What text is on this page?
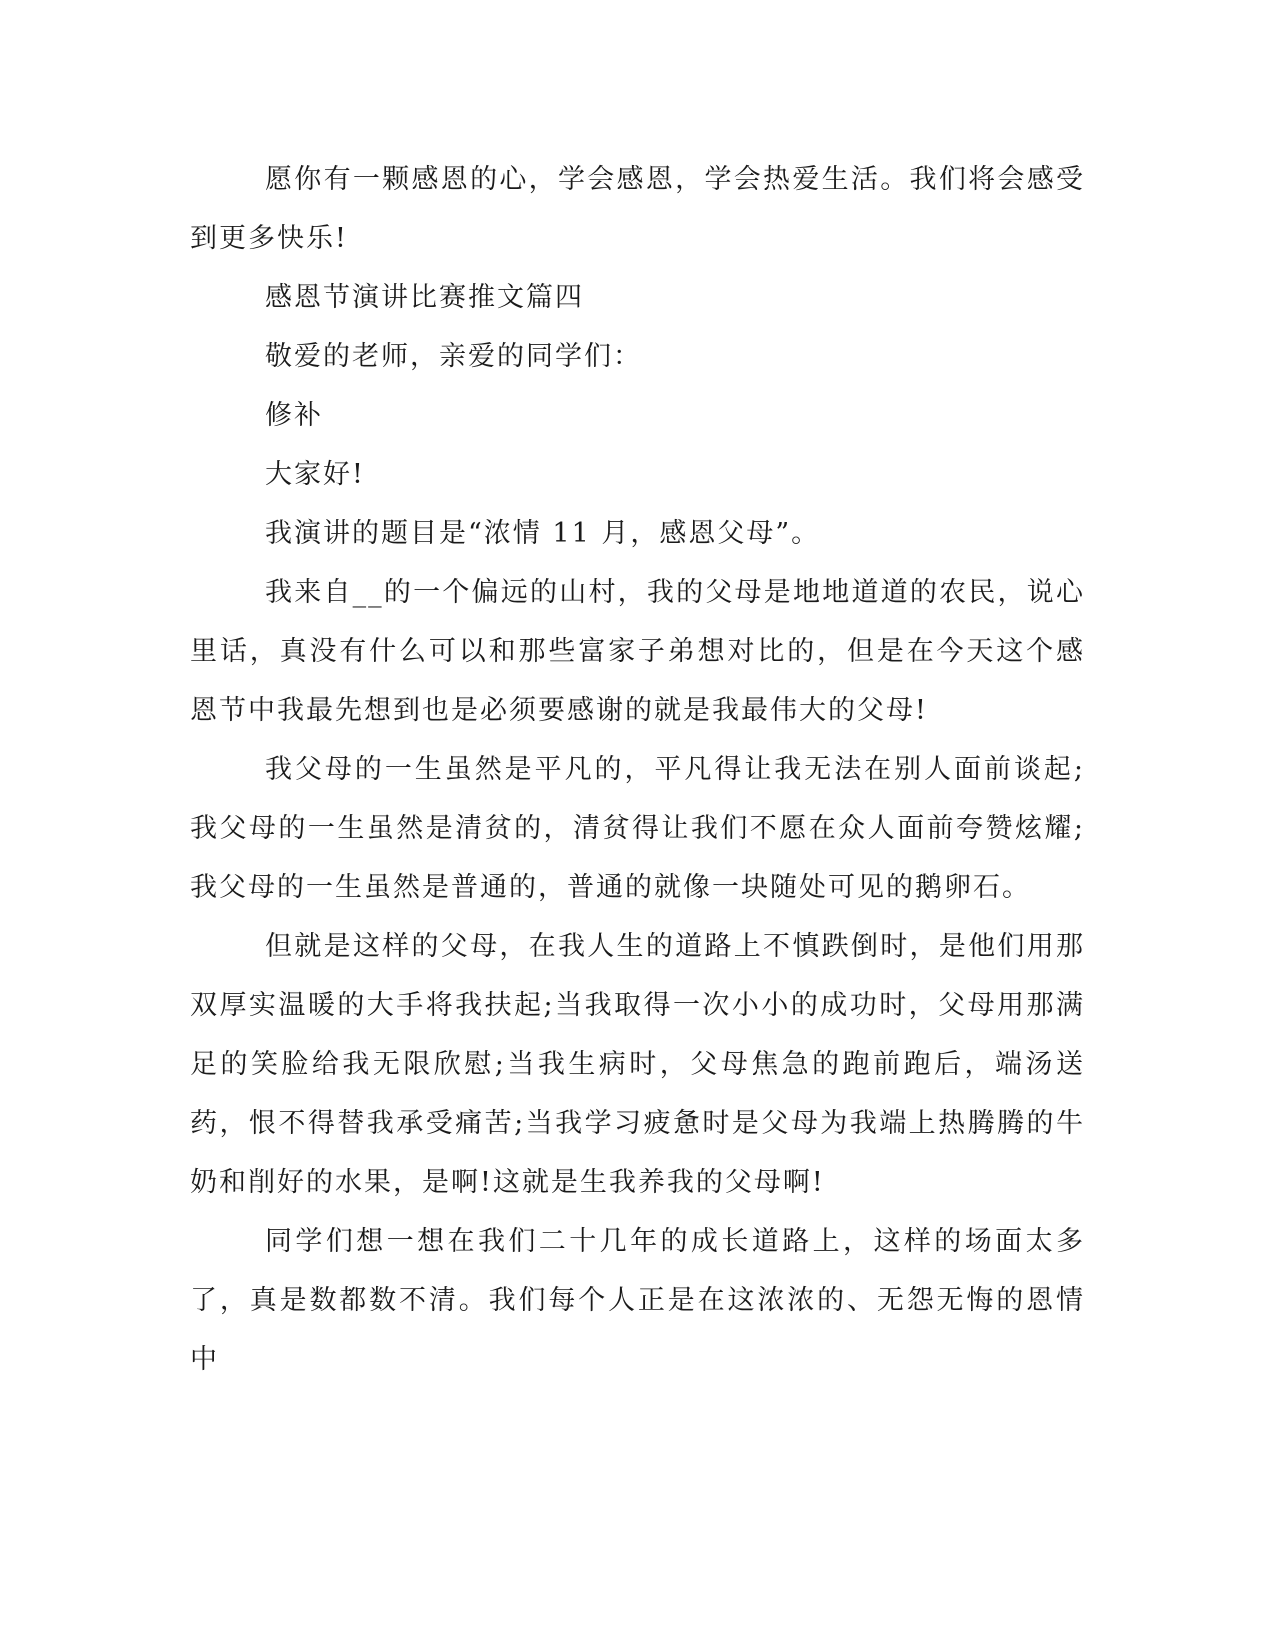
愿你有一颗感恩的心，学会感恩，学会热爱生活。我们将会感受到更多快乐!

感恩节演讲比赛推文篇四

敬爱的老师，亲爱的同学们：

修补

大家好!

我演讲的题目是“浓情 11 月，感恩父母”。

我来自__的一个偏远的山村，我的父母是地地道道的农民，说心里话，真没有什么可以和那些富家子弟想对比的，但是在今天这个感恩节中我最先想到也是必须要感谢的就是我最伟大的父母!

我父母的一生虽然是平凡的，平凡得让我无法在别人面前谈起;我父母的一生虽然是清贫的，清贫得让我们不愿在众人面前夸赞炫耀;我父母的一生虽然是普通的，普通的就像一块随处可见的鹅卵石。

但就是这样的父母，在我人生的道路上不慎跌倒时，是他们用那双厚实温暖的大手将我扶起;当我取得一次小小的成功时，父母用那满足的笑脸给我无限欣慰;当我生病时，父母焦急的跑前跑后，端汤送药，恨不得替我承受痛苦;当我学习疲惫时是父母为我端上热腾腾的牛奶和削好的水果，是啊!这就是生我养我的父母啊!

同学们想一想在我们二十几年的成长道路上，这样的场面太多了，真是数都数不清。我们每个人正是在这浓浓的、无怨无悔的恩情中
